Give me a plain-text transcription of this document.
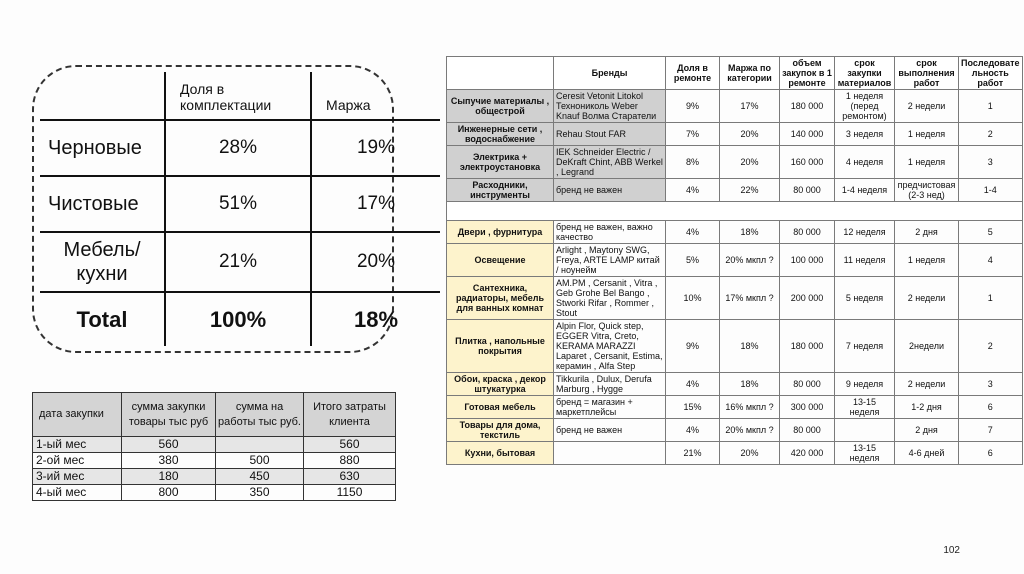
	Доля в комплектации	Маржа
Черновые	28%	19%
Чистовые	51%	17%
Мебель/ кухни	21%	20%
Total	100%	18%
дата закупки	сумма закупки товары тыс руб	сумма на работы тыс руб.	Итого затраты клиента
1-ый мес	560		560
2-ой мес	380	500	880
3-ий мес	180	450	630
4-ый мес	800	350	1150
	Бренды	Доля в ремонте	Маржа по категории	объем закупок в 1 ремонте	срок закупки материалов	срок выполнения работ	Последовате льность работ
Сыпучие материалы , общестрой	Ceresit Vetonit Litokol Технониколь Weber Knauf Волма Старатели	9%	17%	180 000	1 неделя (перед ремонтом)	2 недели	1
Инженерные сети , водоснабжение	Rehau Stout FAR	7%	20%	140 000	3 неделя	1 неделя	2
Электрика + электроустановка	IEK Schneider Electric / DeKraft Chint, ABB Werkel , Legrand	8%	20%	160 000	4 неделя	1 неделя	3
Расходники, инструменты	бренд не важен	4%	22%	80 000	1-4 неделя	предчистовая (2-3 нед)	1-4

Двери , фурнитура	бренд не важен, важно качество	4%	18%	80 000	12 неделя	2 дня	5
Освещение	Arlight , Maytony SWG, Freya, ARTE LAMP китай / ноунейм	5%	20% мкпл ?	100 000	11 неделя	1 неделя	4
Сантехника, радиаторы, мебель для ванных комнат	AM.PM , Cersanit , Vitra , Geb Grohe Bel Bango , Stworki Rifar , Rommer , Stout	10%	17% мкпл ?	200 000	5 неделя	2 недели	1
Плитка , напольные покрытия	Alpin Flor, Quick step, EGGER Vitra, Creto, KERAMA MARAZZI Laparet , Cersanit, Estima, керамин , Alfa Step	9%	18%	180 000	7 неделя	2недели	2
Обои, краска , декор штукатурка	Tikkurila , Dulux, Derufa Marburg , Hygge	4%	18%	80 000	9 неделя	2 недели	3
Готовая мебель	бренд = магазин + маркетплейсы	15%	16% мкпл ?	300 000	13-15 неделя	1-2 дня	6
Товары для дома, текстиль	бренд не важен	4%	20% мкпл ?	80 000		2 дня	7
Кухни, бытовая		21%	20%	420 000	13-15 неделя	4-6 дней	6
102
